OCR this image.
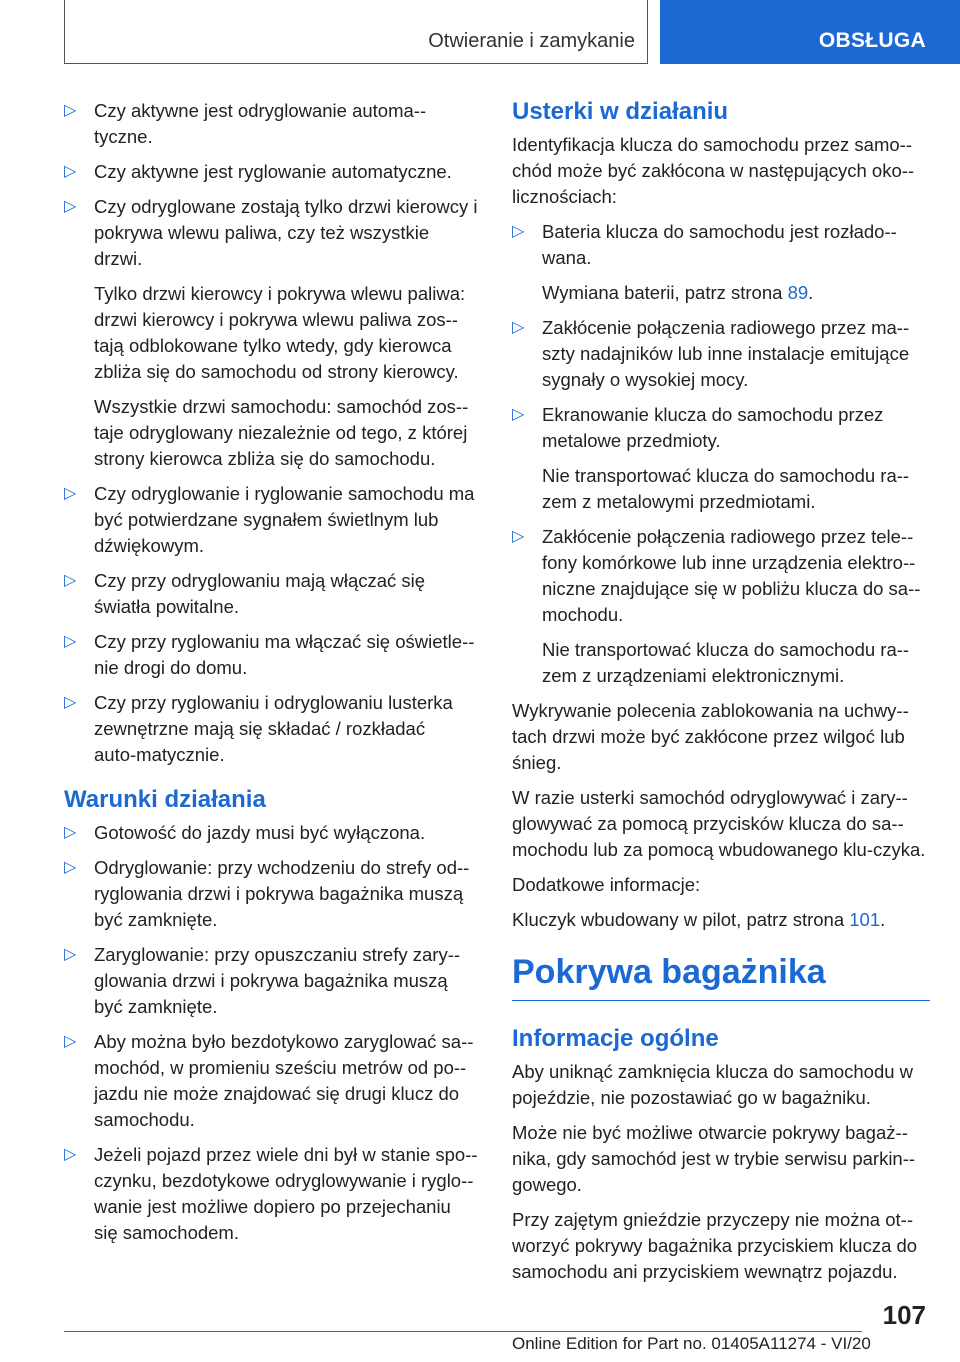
Otwieranie i zamykanie	OBSŁUGA
▷ Czy aktywne jest odryglowanie automa-tyczne.

▷ Czy aktywne jest ryglowanie automatyczne.

▷ Czy odryglowane zostają tylko drzwi kierowcy i pokrywa wlewu paliwa, czy też wszystkie drzwi.

Tylko drzwi kierowcy i pokrywa wlewu paliwa: drzwi kierowcy i pokrywa wlewu paliwa zos-tają odblokowane tylko wtedy, gdy kierowca zbliża się do samochodu od strony kierowcy.

Wszystkie drzwi samochodu: samochód zos-taje odryglowany niezależnie od tego, z której strony kierowca zbliża się do samochodu.

▷ Czy odryglowanie i ryglowanie samochodu ma być potwierdzane sygnałem świetlnym lub dźwiękowym.

▷ Czy przy odryglowaniu mają włączać się światła powitalne.

▷ Czy przy ryglowaniu ma włączać się oświetle-nie drogi do domu.

▷ Czy przy ryglowaniu i odryglowaniu lusterka zewnętrzne mają się składać / rozkładać auto-matycznie.

Warunki działania
▷ Gotowość do jazdy musi być wyłączona.

▷ Odryglowanie: przy wchodzeniu do strefy od-ryglowania drzwi i pokrywa bagażnika muszą być zamknięte.

▷ Zaryglowanie: przy opuszczaniu strefy zary-glowania drzwi i pokrywa bagażnika muszą być zamknięte.

▷ Aby można było bezdotykowo zaryglować sa-mochód, w promieniu sześciu metrów od po-jazdu nie może znajdować się drugi klucz do samochodu.

▷ Jeżeli pojazd przez wiele dni był w stanie spo-czynku, bezdotykowe odryglowywanie i ryglo-wanie jest możliwe dopiero po przejechaniu się samochodem.

Usterki w działaniu

Identyfikacja klucza do samochodu przez samo-chód może być zakłócona w następujących oko-licznościach:

▷ Bateria klucza do samochodu jest rozłado-wana.

Wymiana baterii, patrz strona 89.

▷ Zakłócenie połączenia radiowego przez ma-szty nadajników lub inne instalacje emitujące sygnały o wysokiej mocy.

▷ Ekranowanie klucza do samochodu przez metalowe przedmioty.

Nie transportować klucza do samochodu ra-zem z metalowymi przedmiotami.

▷ Zakłócenie połączenia radiowego przez tele-fony komórkowe lub inne urządzenia elektro-niczne znajdujące się w pobliżu klucza do sa-mochodu.

Nie transportować klucza do samochodu ra-zem z urządzeniami elektronicznymi.

Wykrywanie polecenia zablokowania na uchwy-tach drzwi może być zakłócone przez wilgoć lub śnieg.

W razie usterki samochód odryglowywać i zary-glowywać za pomocą przycisków klucza do sa-mochodu lub za pomocą wbudowanego klu-czyka.

Dodatkowe informacje:

Kluczyk wbudowany w pilot, patrz strona 101.

Pokrywa bagażnika
Informacje ogólne

Aby uniknąć zamknięcia klucza do samochodu w pojeździe, nie pozostawiać go w bagażniku.

Może nie być możliwe otwarcie pokrywy bagaż-nika, gdy samochód jest w trybie serwisu parkin-gowego.

Przy zajętym gnieździe przyczepy nie można ot-worzyć pokrywy bagażnika przyciskiem klucza do samochodu ani przyciskiem wewnątrz pojazdu.

107
Online Edition for Part no. 01405A11274 - VI/20
